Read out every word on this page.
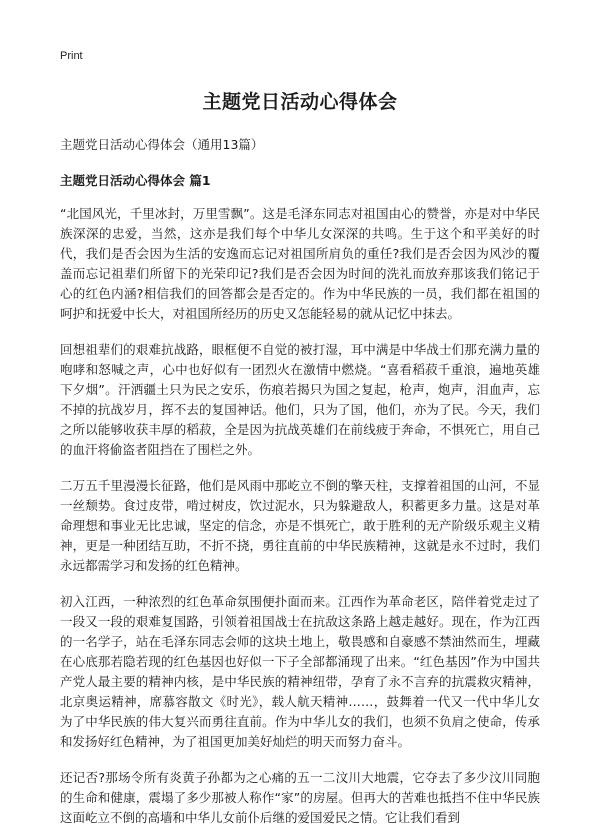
Print
主题党日活动心得体会
主题党日活动心得体会（通用13篇）
主题党日活动心得体会 篇1

“北国风光，千里冰封，万里雪飘”。这是毛泽东同志对祖国由心的赞誉，亦是对中华民族深深的忠爱，当然，这亦是我们每个中华儿女深深的共鸣。生于这个和平美好的时代，我们是否会因为生活的安逸而忘记对祖国所肩负的重任?我们是否会因为风沙的覆盖而忘记祖辈们所留下的光荣印记?我们是否会因为时间的洗礼而放弃那该我们铭记于心的红色内涵?相信我们的回答都会是否定的。作为中华民族的一员，我们都在祖国的呵护和抚爱中长大，对祖国所经历的历史又怎能轻易的就从记忆中抹去。

回想祖辈们的艰难抗战路，眼框便不自觉的被打湿，耳中满是中华战士们那充满力量的咆哮和怒喊之声，心中也好似有一团烈火在激情中燃烧。“喜看稻菽千重浪，遍地英雄下夕烟”。汗洒疆土只为民之安乐，伤痕若揭只为国之复起，枪声，炮声，泪血声，忘不掉的抗战岁月，挥不去的复国神话。他们，只为了国，他们，亦为了民。今天，我们之所以能够收获丰厚的稻菽，全是因为抗战英雄们在前线疲于奔命，不惧死亡，用自己的血汗将偷盗者阻挡在了围栏之外。

二万五千里漫漫长征路，他们是风雨中那屹立不倒的擎天柱，支撑着祖国的山河，不显一丝颓势。食过皮带，啃过树皮，饮过泥水，只为躲避敌人，积蓄更多力量。这是对革命理想和事业无比忠诚，坚定的信念，亦是不惧死亡，敢于胜利的无产阶级乐观主义精神，更是一种团结互助，不折不挠，勇往直前的中华民族精神，这就是永不过时，我们永远都需学习和发扬的红色精神。

初入江西，一种浓烈的红色革命氛围便扑面而来。江西作为革命老区，陪伴着党走过了一段又一段的艰难复国路，引领着祖国战士在抗敌这条路上越走越好。现在，作为江西的一名学子，站在毛泽东同志会师的这块土地上，敬畏感和自豪感不禁油然而生，埋藏在心底那若隐若现的红色基因也好似一下子全部都涌现了出来。“红色基因”作为中国共产党人最主要的精神内核，是中华民族的精神纽带，孕育了永不言弃的抗震救灾精神，北京奥运精神，席慕容散文《时光》，载人航天精神……，鼓舞着一代又一代中华儿女为了中华民族的伟大复兴而勇往直前。作为中华儿女的我们，也须不负肩之使命，传承和发扬好红色精神，为了祖国更加美好灿烂的明天而努力奋斗。

还记否?那场令所有炎黄子孙都为之心痛的五一二汶川大地震，它夺去了多少汶川同胞的生命和健康，震塌了多少那被人称作“家”的房屋。但再大的苦难也抵挡不住中华民族这面屹立不倒的高墙和中华儿女前仆后继的爱国爱民之情。它让我们看到
